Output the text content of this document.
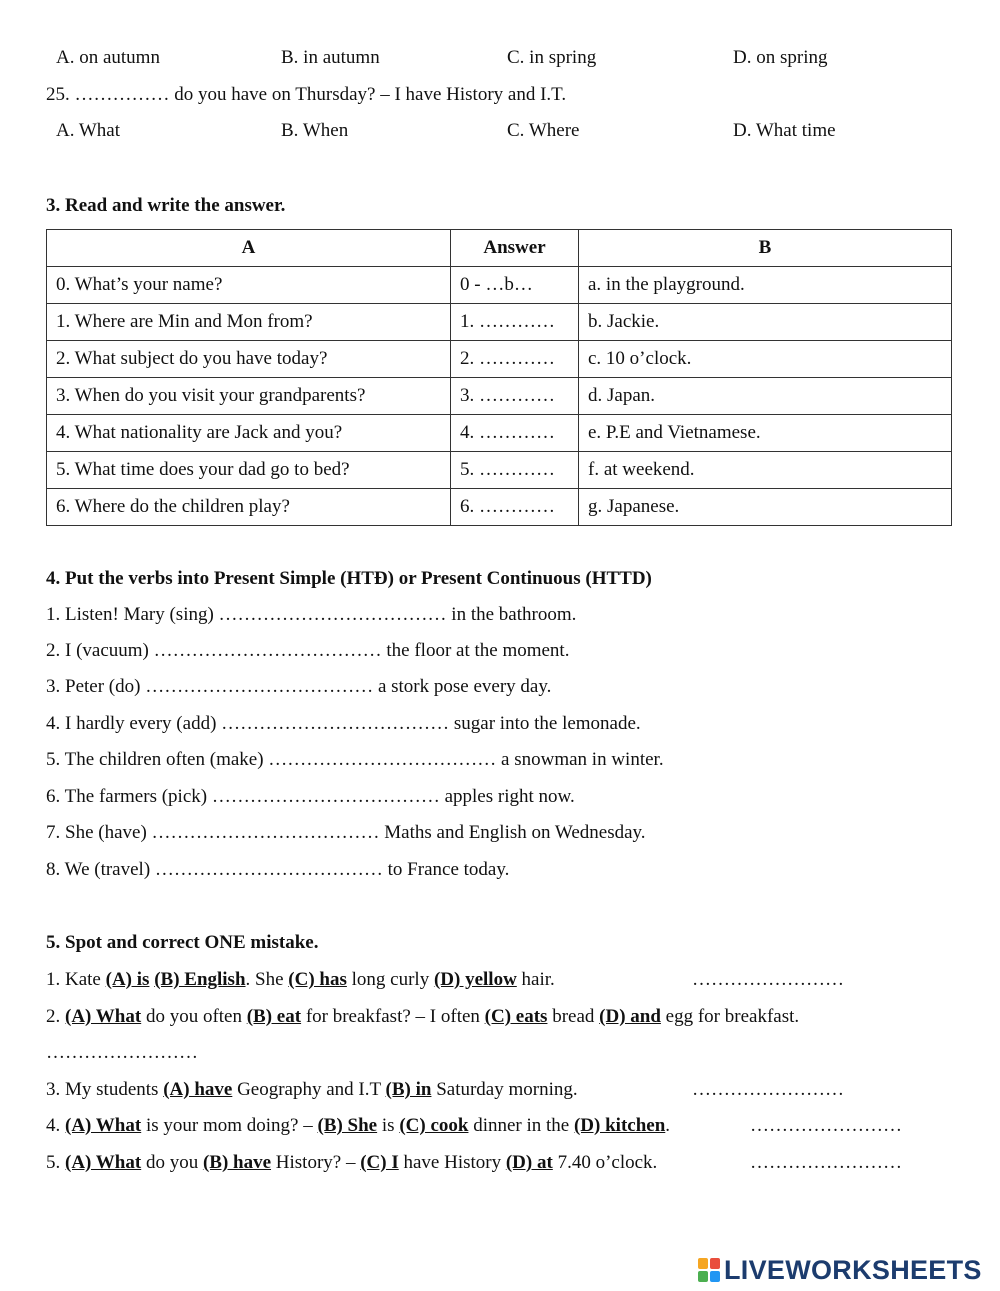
A. on autumn	B. in autumn	C. in spring	D. on spring
25. …………… do you have on Thursday? – I have History and I.T.
A. What	B. When	C. Where	D. What time
3. Read and write the answer.
A	Answer	B
0. What’s your name?	0 - …b…	a. in the playground.
1. Where are Min and Mon from?	1. …………	b. Jackie.
2. What subject do you have today?	2. …………	c. 10 o’clock.
3. When do you visit your grandparents?	3. …………	d. Japan.
4. What nationality are Jack and you?	4. …………	e. P.E and Vietnamese.
5. What time does your dad go to bed?	5. …………	f. at weekend.
6. Where do the children play?	6. …………	g. Japanese.
4. Put the verbs into Present Simple (HTĐ) or Present Continuous (HTTD)
1. Listen! Mary (sing) ……………………………… in the bathroom.
2. I (vacuum) ……………………………… the floor at the moment.
3. Peter (do) ……………………………… a stork pose every day.
4. I hardly every (add) ……………………………… sugar into the lemonade.
5. The children often (make) ……………………………… a snowman in winter.
6. The farmers (pick) ……………………………… apples right now.
7. She (have) ……………………………… Maths and English on Wednesday.
8. We (travel) ……………………………… to France today.
5. Spot and correct ONE mistake.
1. Kate (A) is (B) English. She (C) has long curly (D) yellow hair.	……………………
2. (A) What do you often (B) eat for breakfast? – I often (C) eats bread (D) and egg for breakfast.
……………………
3. My students (A) have Geography and I.T (B) in Saturday morning.	……………………
4. (A) What is your mom doing? – (B) She is (C) cook dinner in the (D) kitchen.	……………………
5. (A) What do you (B) have History? – (C) I have History (D) at 7.40 o’clock.	……………………
LIVEWORKSHEETS
